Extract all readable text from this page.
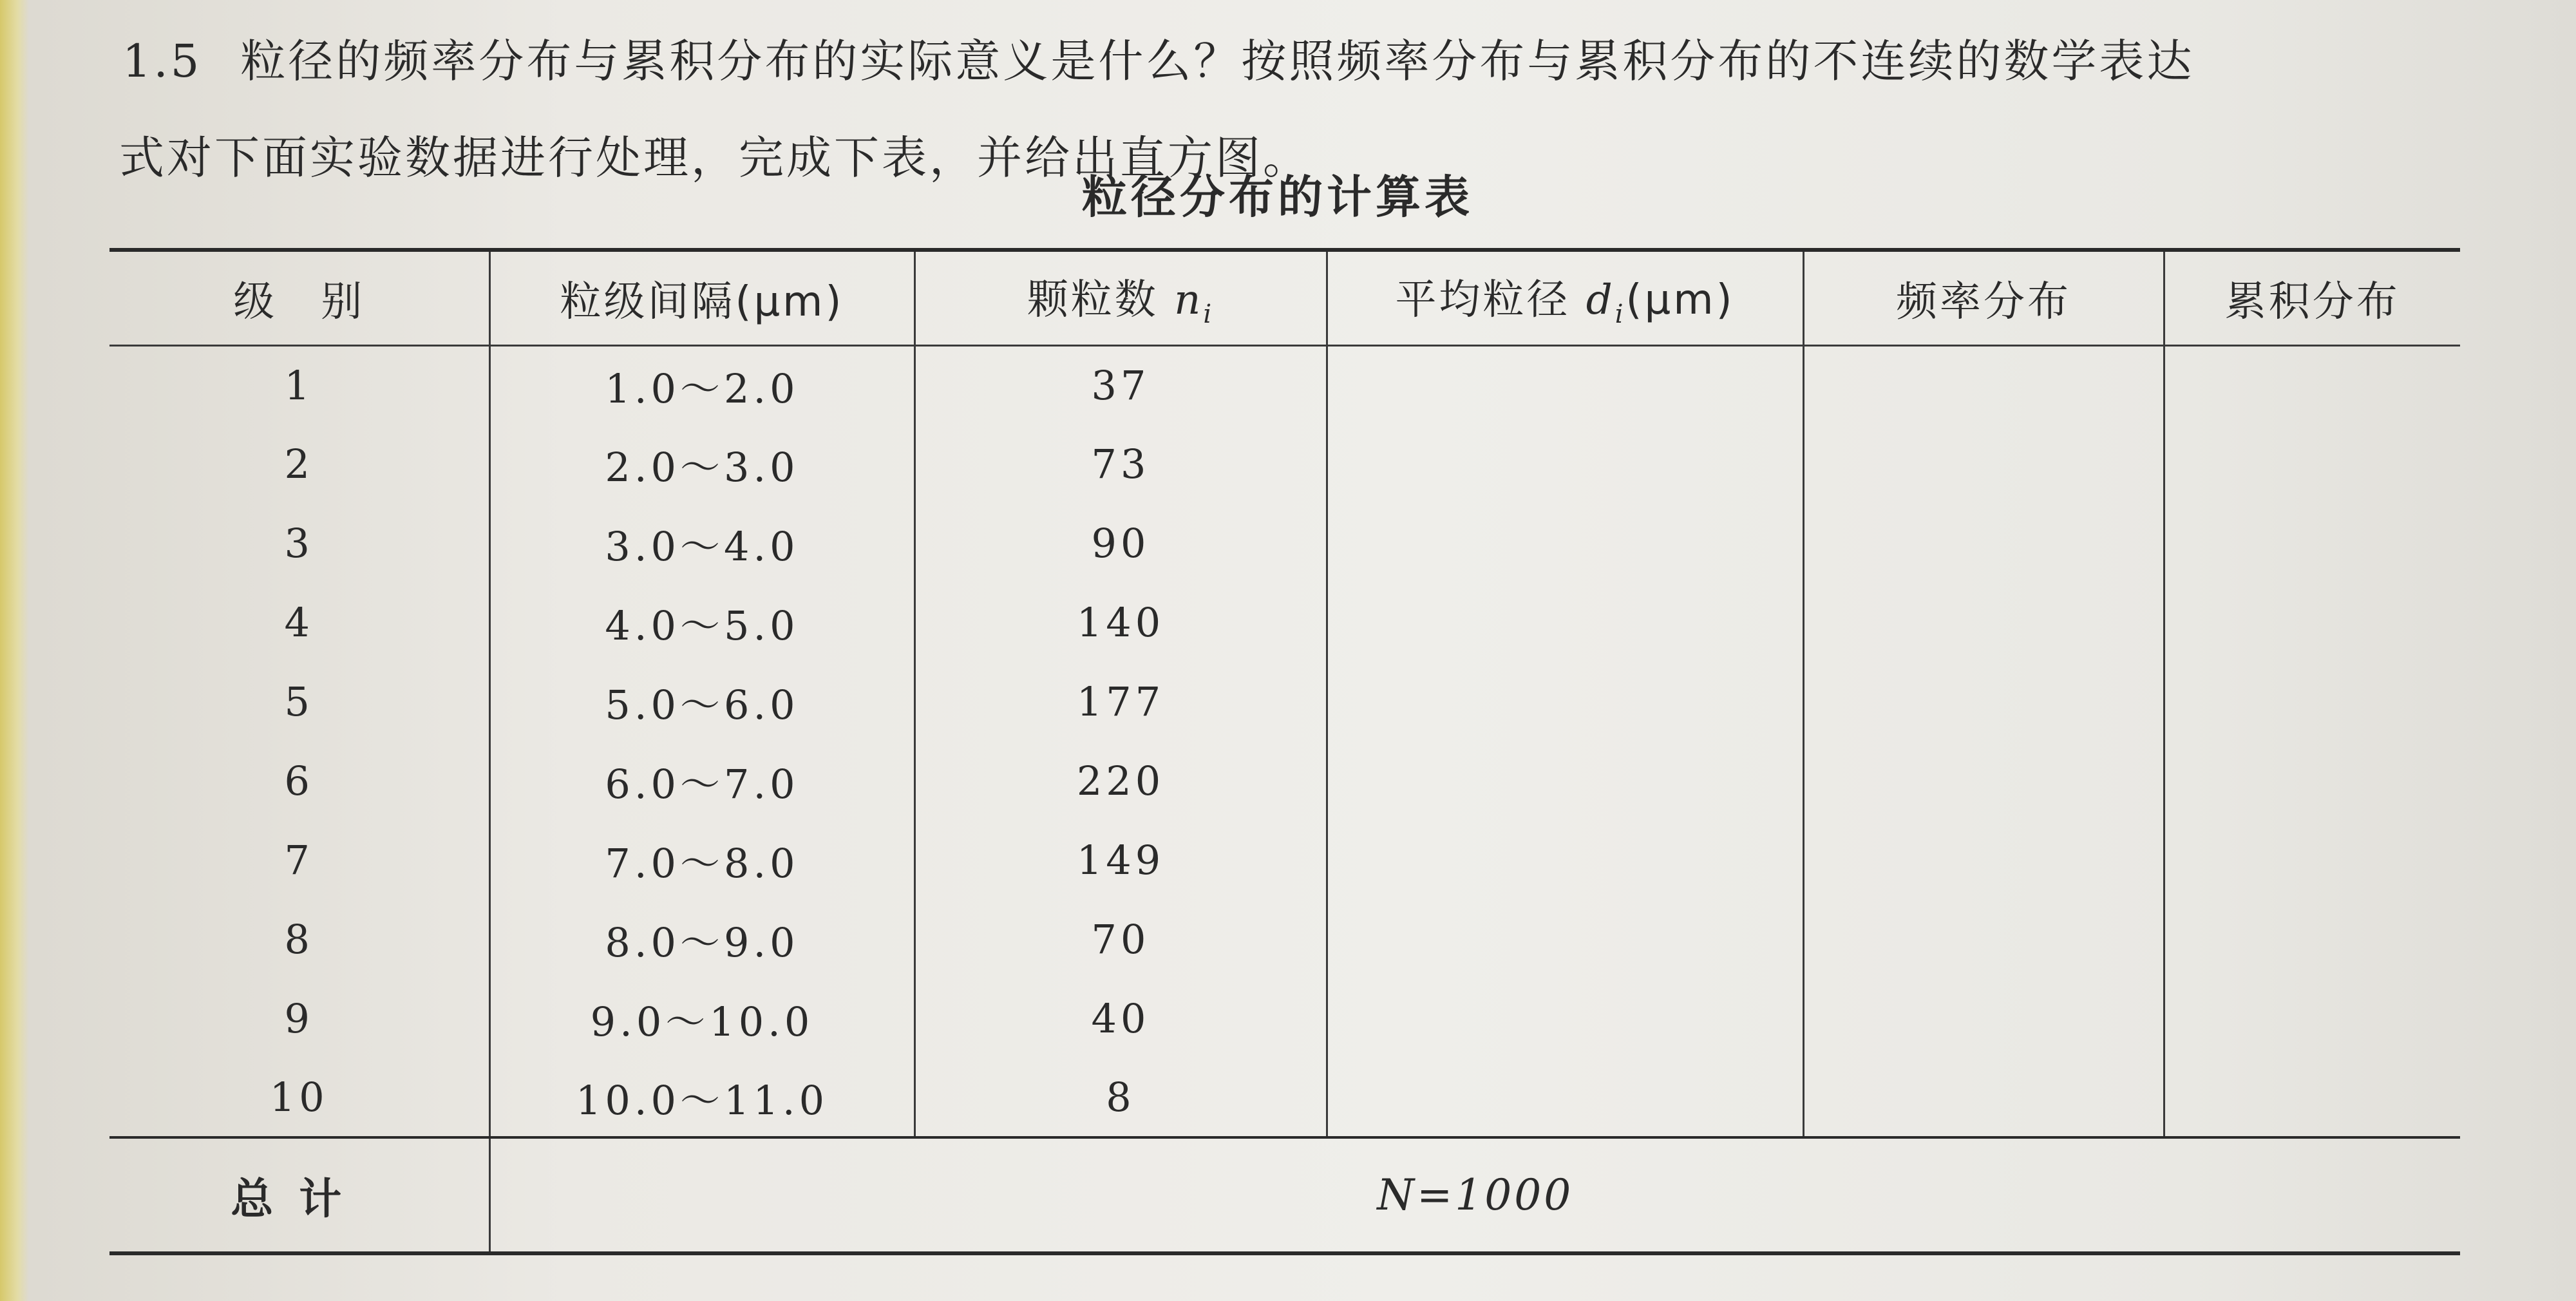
1.5 粒径的频率分布与累积分布的实际意义是什么？按照频率分布与累积分布的不连续的数学表达
式对下面实验数据进行处理，完成下表，并给出直方图。

粒径分布的计算表

级　别	粒级间隔(μm)	颗粒数 $n_i$	平均粒径 $d_i(\mu m)$	频率分布	累积分布
1	1.0～2.0	37			
2	2.0～3.0	73			
3	3.0～4.0	90			
4	4.0～5.0	140			
5	5.0～6.0	177			
6	6.0～7.0	220			
7	7.0～8.0	149			
8	8.0～9.0	70			
9	9.0～10.0	40			
10	10.0～11.0	8			
总计	N=1000				
